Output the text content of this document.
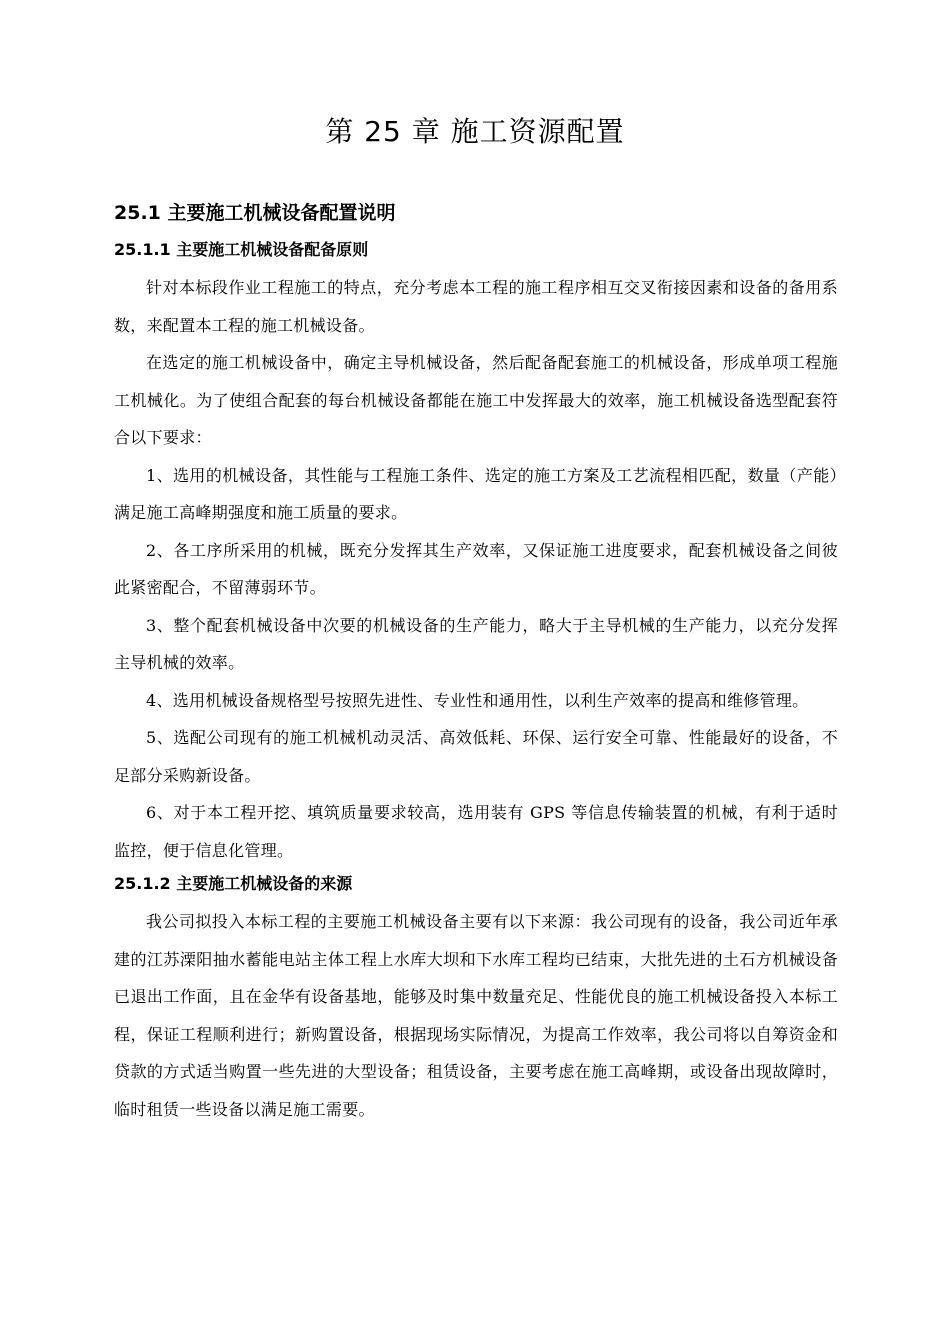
第 25 章 施工资源配置
25.1 主要施工机械设备配置说明
25.1.1 主要施工机械设备配备原则

针对本标段作业工程施工的特点，充分考虑本工程的施工程序相互交叉衔接因素和设备的备用系数，来配置本工程的施工机械设备。

在选定的施工机械设备中，确定主导机械设备，然后配备配套施工的机械设备，形成单项工程施工机械化。为了使组合配套的每台机械设备都能在施工中发挥最大的效率，施工机械设备选型配套符合以下要求：

1、选用的机械设备，其性能与工程施工条件、选定的施工方案及工艺流程相匹配，数量（产能）满足施工高峰期强度和施工质量的要求。

2、各工序所采用的机械，既充分发挥其生产效率，又保证施工进度要求，配套机械设备之间彼此紧密配合，不留薄弱环节。

3、整个配套机械设备中次要的机械设备的生产能力，略大于主导机械的生产能力，以充分发挥主导机械的效率。

4、选用机械设备规格型号按照先进性、专业性和通用性，以利生产效率的提高和维修管理。

5、选配公司现有的施工机械机动灵活、高效低耗、环保、运行安全可靠、性能最好的设备，不足部分采购新设备。

6、对于本工程开挖、填筑质量要求较高，选用装有 GPS 等信息传输装置的机械，有利于适时监控，便于信息化管理。

25.1.2 主要施工机械设备的来源

我公司拟投入本标工程的主要施工机械设备主要有以下来源：我公司现有的设备，我公司近年承建的江苏溧阳抽水蓄能电站主体工程上水库大坝和下水库工程均已结束，大批先进的土石方机械设备已退出工作面，且在金华有设备基地，能够及时集中数量充足、性能优良的施工机械设备投入本标工程，保证工程顺利进行；新购置设备，根据现场实际情况，为提高工作效率，我公司将以自筹资金和贷款的方式适当购置一些先进的大型设备；租赁设备，主要考虑在施工高峰期，或设备出现故障时，临时租赁一些设备以满足施工需要。
